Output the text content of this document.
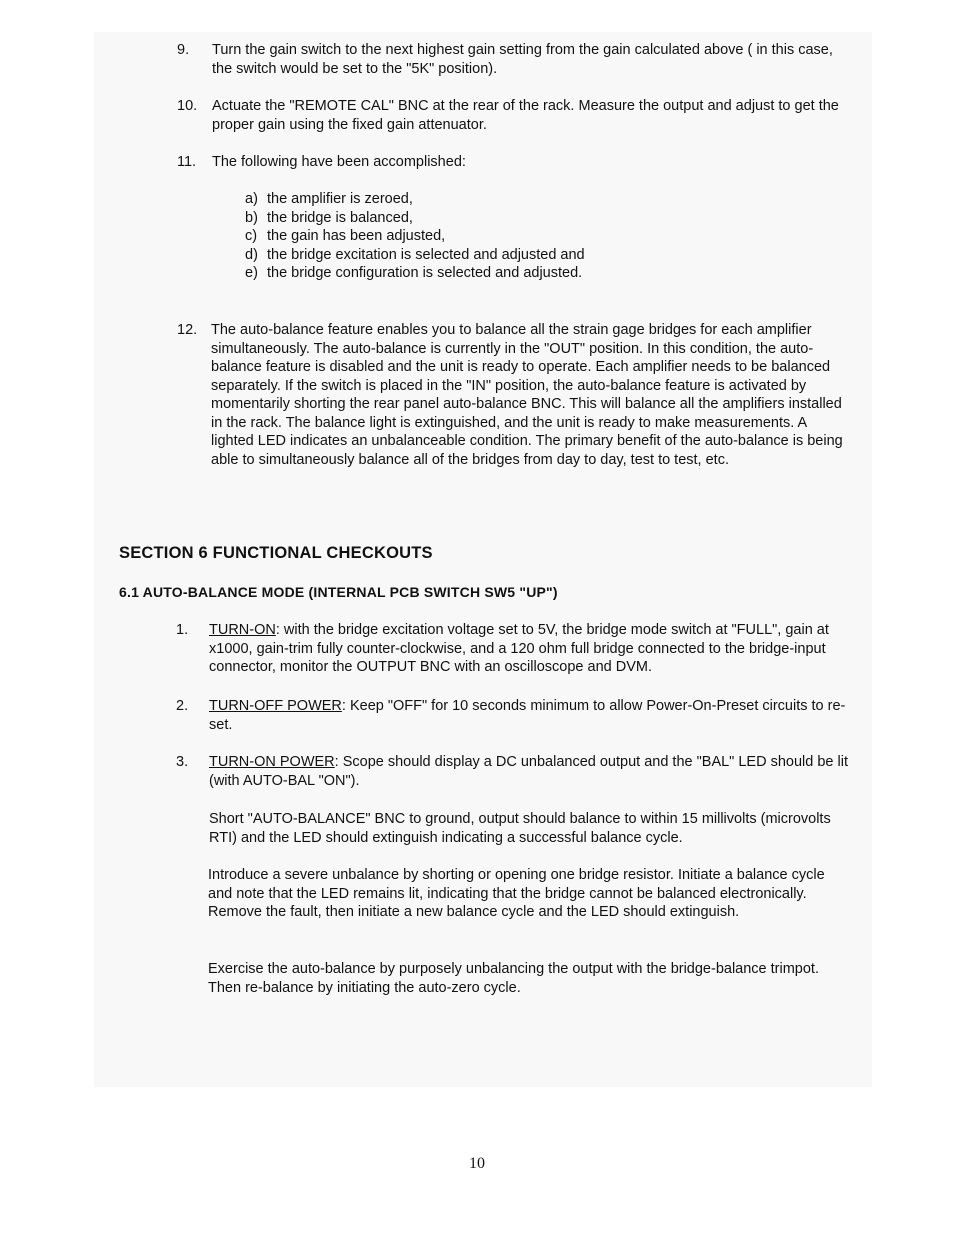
9. Turn the gain switch to the next highest gain setting from the gain calculated above ( in this case, the switch would be set to the "5K" position).

10. Actuate the "REMOTE CAL" BNC at the rear of the rack. Measure the output and adjust to get the proper gain using the fixed gain attenuator.

11. The following have been accomplished:

a) the amplifier is zeroed,
b) the bridge is balanced,
c) the gain has been adjusted,
d) the bridge excitation is selected and adjusted and
e) the bridge configuration is selected and adjusted.
12. The auto-balance feature enables you to balance all the strain gage bridges for each amplifier simultaneously. The auto-balance is currently in the "OUT" position. In this condition, the auto-balance feature is disabled and the unit is ready to operate. Each amplifier needs to be balanced separately. If the switch is placed in the "IN" position, the auto-balance feature is activated by momentarily shorting the rear panel auto-balance BNC. This will balance all the amplifiers installed in the rack. The balance light is extinguished, and the unit is ready to make measurements. A lighted LED indicates an unbalanceable condition. The primary benefit of the auto-balance is being able to simultaneously balance all of the bridges from day to day, test to test, etc.

SECTION 6 FUNCTIONAL CHECKOUTS
6.1 AUTO-BALANCE MODE (INTERNAL PCB SWITCH SW5 "UP")
1. TURN-ON: with the bridge excitation voltage set to 5V, the bridge mode switch at "FULL", gain at x1000, gain-trim fully counter-clockwise, and a 120 ohm full bridge connected to the bridge-input connector, monitor the OUTPUT BNC with an oscilloscope and DVM.

2. TURN-OFF POWER: Keep "OFF" for 10 seconds minimum to allow Power-On-Preset circuits to re-set.

3. TURN-ON POWER: Scope should display a DC unbalanced output and the "BAL" LED should be lit (with AUTO-BAL "ON").

Short "AUTO-BALANCE" BNC to ground, output should balance to within 15 millivolts (microvolts RTI) and the LED should extinguish indicating a successful balance cycle.

Introduce a severe unbalance by shorting or opening one bridge resistor. Initiate a balance cycle and note that the LED remains lit, indicating that the bridge cannot be balanced electronically. Remove the fault, then initiate a new balance cycle and the LED should extinguish.

Exercise the auto-balance by purposely unbalancing the output with the bridge-balance trimpot. Then re-balance by initiating the auto-zero cycle.

10
